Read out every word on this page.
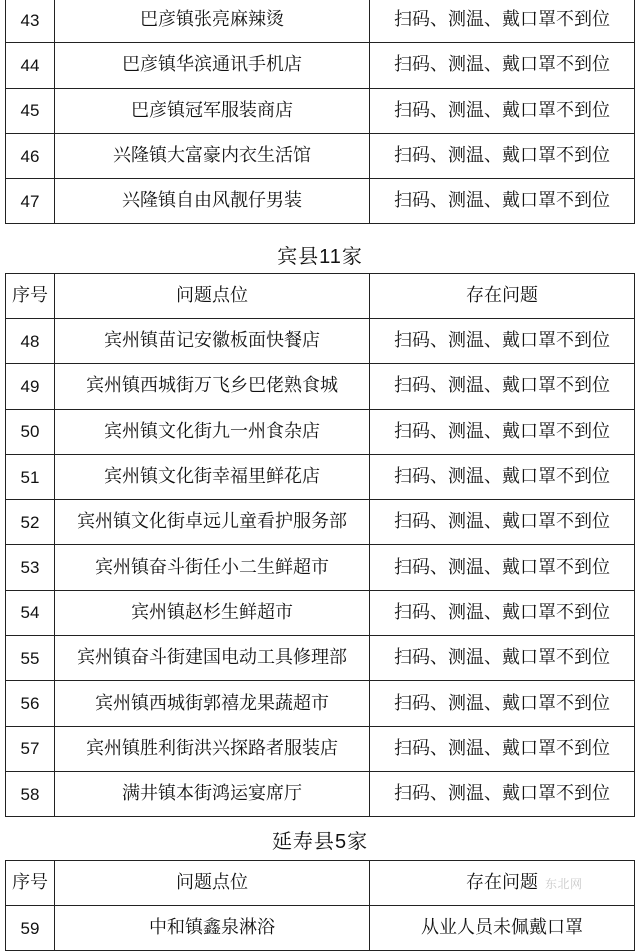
43	巴彦镇张亮麻辣烫	扫码、测温、戴口罩不到位
44	巴彦镇华滨通讯手机店	扫码、测温、戴口罩不到位
45	巴彦镇冠军服装商店	扫码、测温、戴口罩不到位
46	兴隆镇大富豪内衣生活馆	扫码、测温、戴口罩不到位
47	兴隆镇自由风靓仔男装	扫码、测温、戴口罩不到位
宾县11家
序号	问题点位	存在问题
48	宾州镇苗记安徽板面快餐店	扫码、测温、戴口罩不到位
49	宾州镇西城街万飞乡巴佬熟食城	扫码、测温、戴口罩不到位
50	宾州镇文化街九一州食杂店	扫码、测温、戴口罩不到位
51	宾州镇文化街幸福里鲜花店	扫码、测温、戴口罩不到位
52	宾州镇文化街卓远儿童看护服务部	扫码、测温、戴口罩不到位
53	宾州镇奋斗街任小二生鲜超市	扫码、测温、戴口罩不到位
54	宾州镇赵杉生鲜超市	扫码、测温、戴口罩不到位
55	宾州镇奋斗街建国电动工具修理部	扫码、测温、戴口罩不到位
56	宾州镇西城街郭禧龙果蔬超市	扫码、测温、戴口罩不到位
57	宾州镇胜利街洪兴探路者服装店	扫码、测温、戴口罩不到位
58	满井镇本街鸿运宴席厅	扫码、测温、戴口罩不到位
延寿县5家
序号	问题点位	存在问题
59	中和镇鑫泉淋浴	从业人员未佩戴口罩
东北网
